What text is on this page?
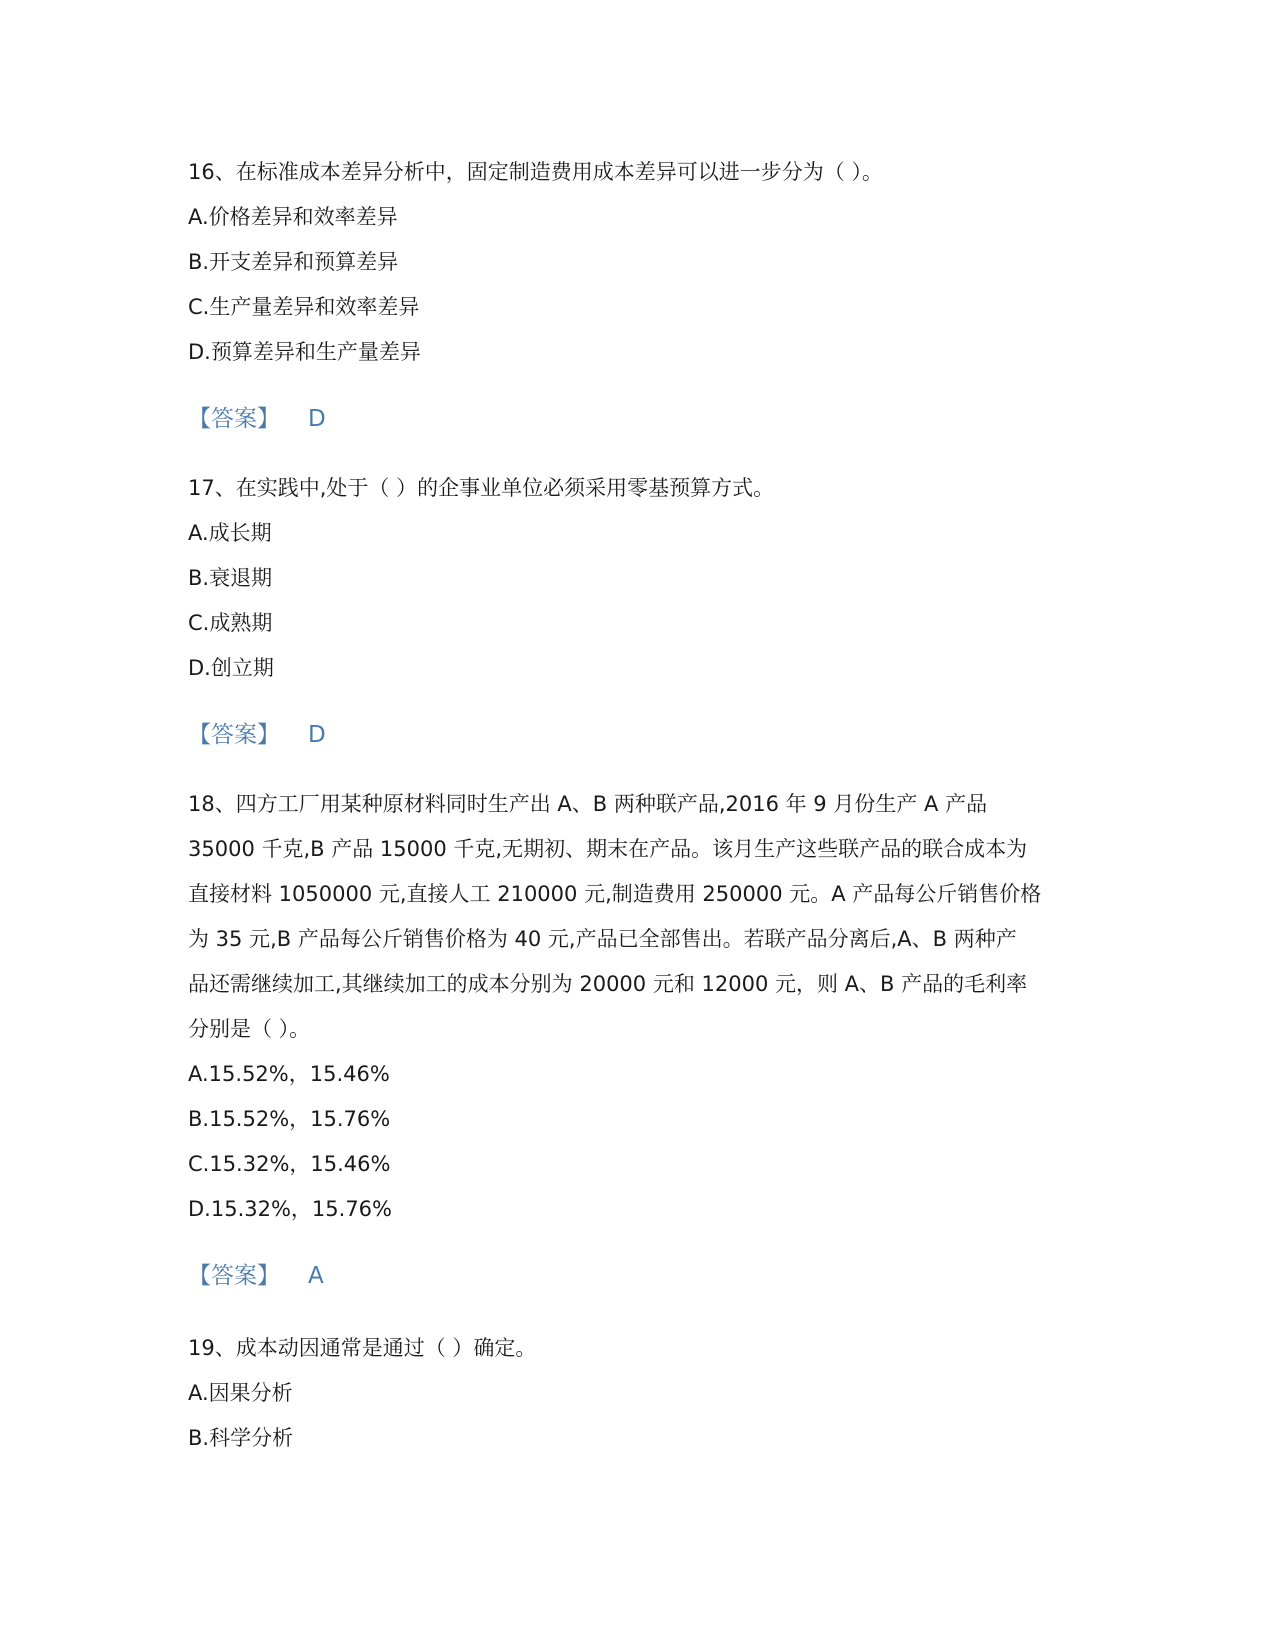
16、在标准成本差异分析中，固定制造费用成本差异可以进一步分为（ ）。
A.价格差异和效率差异
B.开支差异和预算差异
C.生产量差异和效率差异
D.预算差异和生产量差异
【答案】 D
17、在实践中,处于（ ）的企事业单位必须采用零基预算方式。
A.成长期
B.衰退期
C.成熟期
D.创立期
【答案】 D
18、四方工厂用某种原材料同时生产出 A、B 两种联产品,2016 年 9 月份生产 A 产品
35000 千克,B 产品 15000 千克,无期初、期末在产品。该月生产这些联产品的联合成本为
直接材料 1050000 元,直接人工 210000 元,制造费用 250000 元。A 产品每公斤销售价格
为 35 元,B 产品每公斤销售价格为 40 元,产品已全部售出。若联产品分离后,A、B 两种产
品还需继续加工,其继续加工的成本分别为 20000 元和 12000 元，则 A、B 产品的毛利率
分别是（ ）。
A.15.52%，15.46%
B.15.52%，15.76%
C.15.32%，15.46%
D.15.32%，15.76%
【答案】 A
19、成本动因通常是通过（ ）确定。
A.因果分析
B.科学分析
